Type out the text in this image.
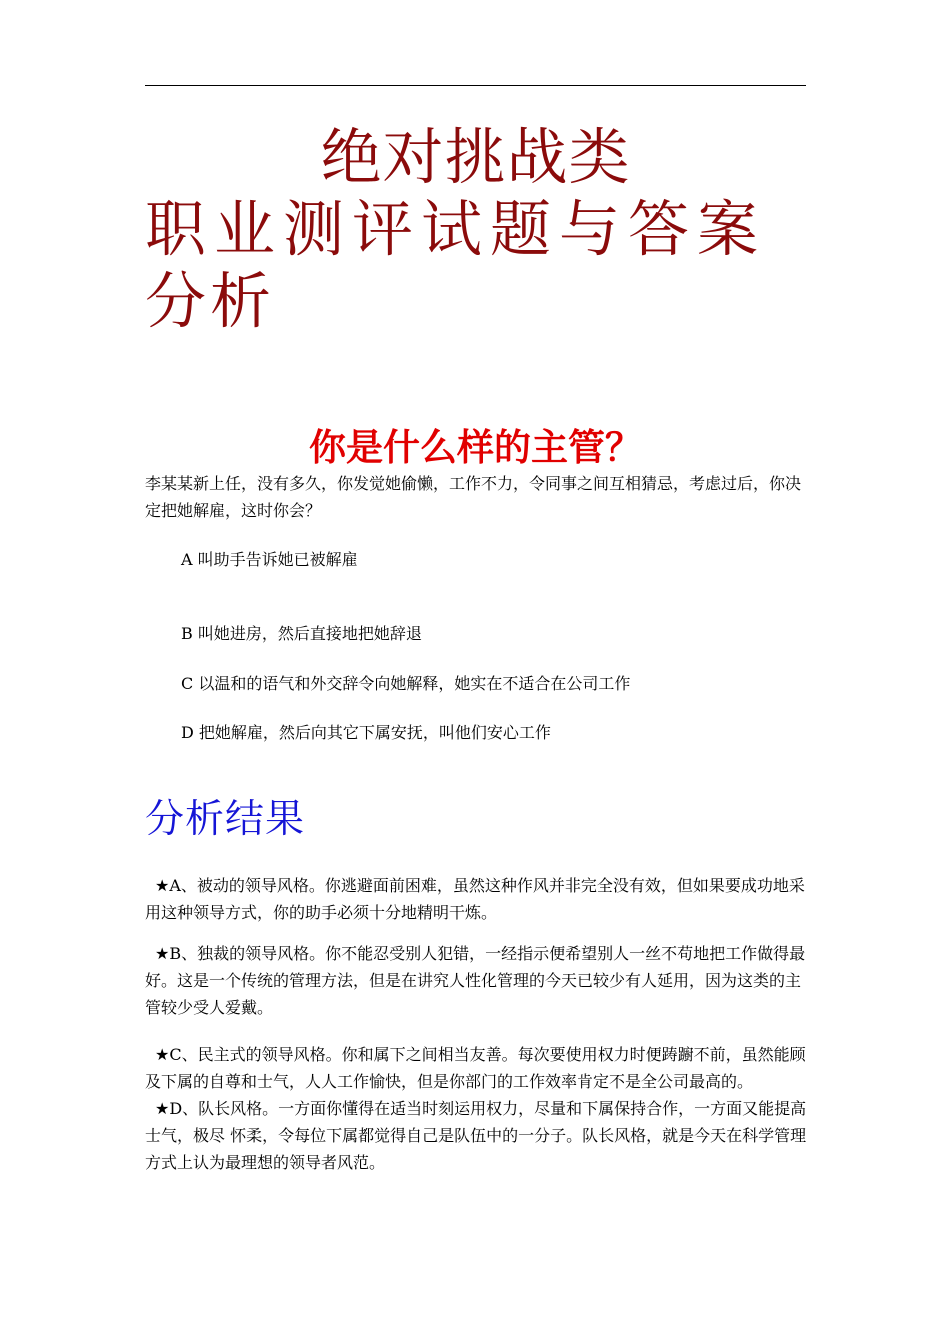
绝对挑战类
职业测评试题与答案
分析
你是什么样的主管？
李某某新上任，没有多久，你发觉她偷懒，工作不力，令同事之间互相猜忌，考虑过后，你决定把她解雇，这时你会？
A 叫助手告诉她已被解雇
B 叫她进房，然后直接地把她辞退
C 以温和的语气和外交辞令向她解释，她实在不适合在公司工作
D 把她解雇，然后向其它下属安抚，叫他们安心工作
分析结果
★A、被动的领导风格。你逃避面前困难，虽然这种作风并非完全没有效，但如果要成功地采用这种领导方式，你的助手必须十分地精明干炼。
★B、独裁的领导风格。你不能忍受别人犯错，一经指示便希望别人一丝不苟地把工作做得最好。这是一个传统的管理方法，但是在讲究人性化管理的今天已较少有人延用，因为这类的主管较少受人爱戴。
★C、民主式的领导风格。你和属下之间相当友善。每次要使用权力时便踌躕不前，虽然能顾及下属的自尊和士气，人人工作愉快，但是你部门的工作效率肯定不是全公司最高的。
★D、队长风格。一方面你懂得在适当时刻运用权力，尽量和下属保持合作，一方面又能提高士气，极尽 怀柔，令每位下属都觉得自己是队伍中的一分子。队长风格，就是今天在科学管理方式上认为最理想的领导者风范。
